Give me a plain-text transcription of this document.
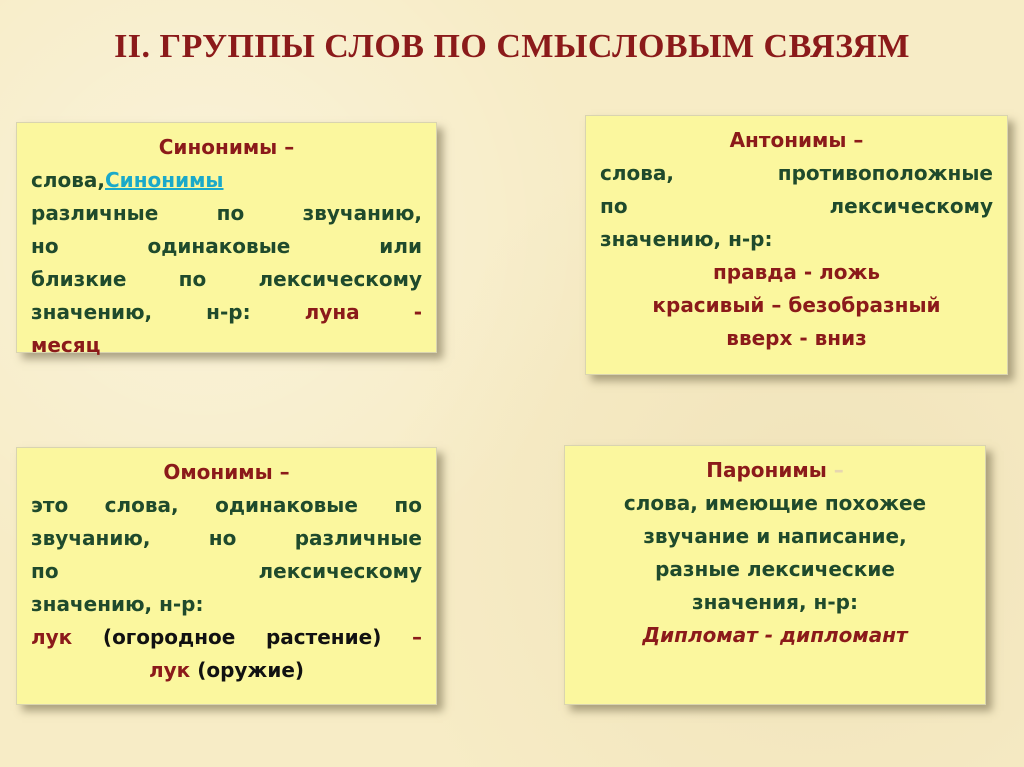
II. ГРУППЫ СЛОВ ПО СМЫСЛОВЫМ СВЯЗЯМ
Синонимы –
слова,Синонимы
различные по звучанию,
но одинаковые или
близкие по лексическому
значению, н-р:	луна -
месяц
Антонимы –
слова, противоположные
по лексическому
значению, н-р:
правда - ложь
красивый – безобразный
вверх - вниз
Омонимы –
это слова, одинаковые по
звучанию, но различные
по лексическому
значению, н-р:
лук (огородное растение) –
лук (оружие)
Паронимы –
слова, имеющие похожее
звучание и написание,
разные лексические
значения, н-р:
Дипломат - дипломант
